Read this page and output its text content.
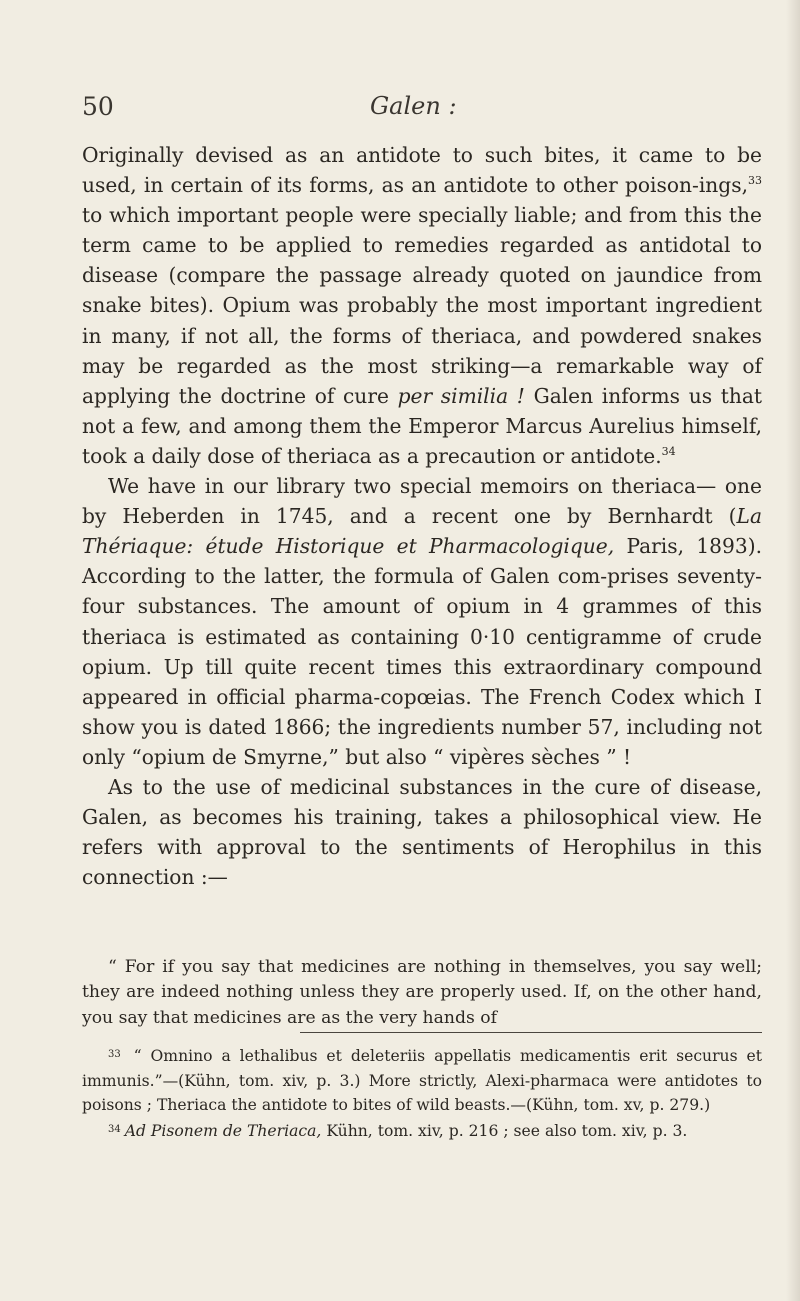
50	Galen :

Originally devised as an antidote to such bites, it came to be used, in certain of its forms, as an antidote to other poison-ings,$^{33}$ to which important people were specially liable; and from this the term came to be applied to remedies regarded as antidotal to disease (compare the passage already quoted on jaundice from snake bites). Opium was probably the most important ingredient in many, if not all, the forms of theriaca, and powdered snakes may be regarded as the most striking—a remarkable way of applying the doctrine of cure per similia ! Galen informs us that not a few, and among them the Emperor Marcus Aurelius himself, took a daily dose of theriaca as a precaution or antidote.$^{34}$

We have in our library two special memoirs on theriaca— one by Heberden in 1745, and a recent one by Bernhardt (La Thériaque: étude Historique et Pharmacologique, Paris, 1893). According to the latter, the formula of Galen com-prises seventy-four substances. The amount of opium in 4 grammes of this theriaca is estimated as containing 0·10 centigramme of crude opium. Up till quite recent times this extraordinary compound appeared in official pharma-copœias. The French Codex which I show you is dated 1866; the ingredients number 57, including not only “opium de Smyrne,” but also “ vipères sèches ” !

As to the use of medicinal substances in the cure of disease, Galen, as becomes his training, takes a philosophical view. He refers with approval to the sentiments of Herophilus in this connection :—

“ For if you say that medicines are nothing in themselves, you say well; they are indeed nothing unless they are properly used. If, on the other hand, you say that medicines are as the very hands of

$^{33}$ “ Omnino a lethalibus et deleteriis appellatis medicamentis erit securus et immunis.”—(Kühn, tom. xiv, p. 3.) More strictly, Alexi-pharmaca were antidotes to poisons ; Theriaca the antidote to bites of wild beasts.—(Kühn, tom. xv, p. 279.)

$^{34}$ Ad Pisonem de Theriaca, Kühn, tom. xiv, p. 216 ; see also tom. xiv, p. 3.
